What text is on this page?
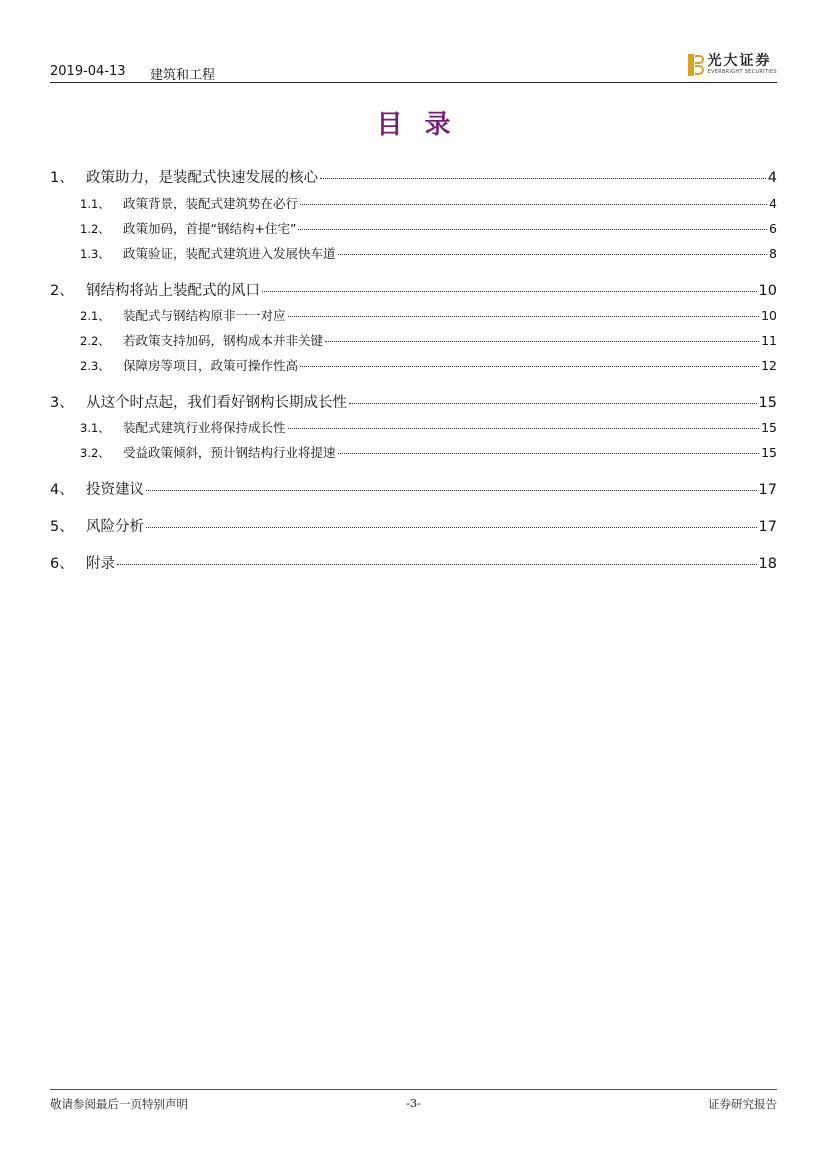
2019-04-13 建筑和工程
光大证券
EVERBRIGHT SECURITIES
目录
1、 政策助力，是装配式快速发展的核心	4
1.1、	政策背景，装配式建筑势在必行	4
1.2、	政策加码，首提“钢结构+住宅”	6
1.3、	政策验证，装配式建筑进入发展快车道	8
2、 钢结构将站上装配式的风口	10
2.1、	装配式与钢结构原非一一对应	10
2.2、	若政策支持加码，钢构成本并非关键	11
2.3、	保障房等项目，政策可操作性高	12
3、 从这个时点起，我们看好钢构长期成长性	15
3.1、	装配式建筑行业将保持成长性	15
3.2、	受益政策倾斜，预计钢结构行业将提速	15
4、 投资建议	17
5、 风险分析	17
6、 附录	18
敬请参阅最后一页特别声明	-3-	证券研究报告
